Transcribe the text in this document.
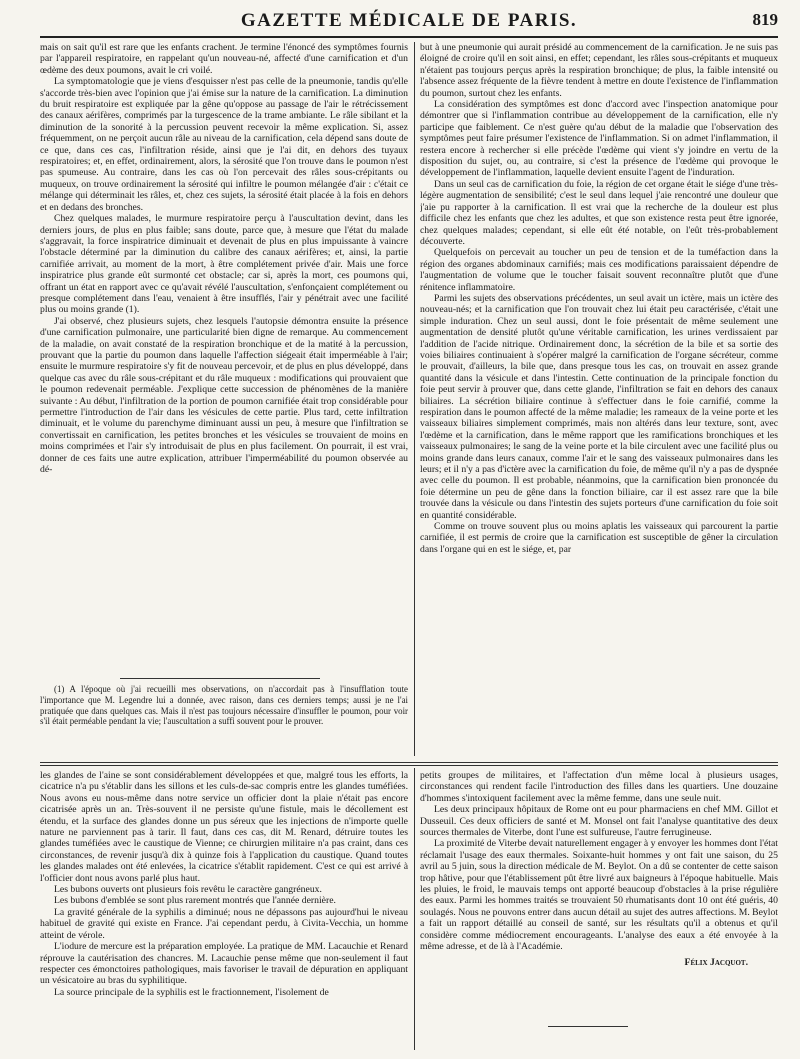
GAZETTE MÉDICALE DE PARIS.	819

mais on sait qu'il est rare que les enfants crachent. Je termine l'énoncé des symptômes fournis par l'appareil respiratoire, en rappelant qu'un nouveau-né, affecté d'une carnification et d'un œdème des deux poumons, avait le cri voilé.

La symptomatologie que je viens d'esquisser n'est pas celle de la pneumonie, tandis qu'elle s'accorde très-bien avec l'opinion que j'ai émise sur la nature de la carnification. La diminution du bruit respiratoire est expliquée par la gêne qu'oppose au passage de l'air le rétrécissement des canaux aérifères, comprimés par la turgescence de la trame ambiante. Le râle sibilant et la diminution de la sonorité à la percussion peuvent recevoir la même explication. Si, assez fréquemment, on ne perçoit aucun râle au niveau de la carnification, cela dépend sans doute de ce que, dans ces cas, l'infiltration réside, ainsi que je l'ai dit, en dehors des tuyaux respiratoires; et, en effet, ordinairement, alors, la sérosité que l'on trouve dans le poumon n'est pas spumeuse. Au contraire, dans les cas où l'on percevait des râles sous-crépitants ou muqueux, on trouve ordinairement la sérosité qui infiltre le poumon mélangée d'air : c'était ce mélange qui déterminait les râles, et, chez ces sujets, la sérosité était placée à la fois en dehors et en dedans des bronches.

Chez quelques malades, le murmure respiratoire perçu à l'auscultation devint, dans les derniers jours, de plus en plus faible; sans doute, parce que, à mesure que l'état du malade s'aggravait, la force inspiratrice diminuait et devenait de plus en plus impuissante à vaincre l'obstacle déterminé par la diminution du calibre des canaux aérifères; et, ainsi, la partie carnifiée arrivait, au moment de la mort, à être complétement privée d'air. Mais une force inspiratrice plus grande eût surmonté cet obstacle; car si, après la mort, ces poumons qui, offrant un état en rapport avec ce qu'avait révélé l'auscultation, s'enfonçaient complétement ou presque complétement dans l'eau, venaient à être insufflés, l'air y pénétrait avec une facilité plus ou moins grande (1).

J'ai observé, chez plusieurs sujets, chez lesquels l'autopsie démontra ensuite la présence d'une carnification pulmonaire, une particularité bien digne de remarque. Au commencement de la maladie, on avait constaté de la respiration bronchique et de la matité à la percussion, prouvant que la partie du poumon dans laquelle l'affection siégeait était imperméable à l'air; ensuite le murmure respiratoire s'y fit de nouveau percevoir, et de plus en plus développé, dans quelque cas avec du râle sous-crépitant et du râle muqueux : modifications qui prouvaient que le poumon redevenait perméable. J'explique cette succession de phénomènes de la manière suivante : Au début, l'infiltration de la portion de poumon carnifiée était trop considérable pour permettre l'introduction de l'air dans les vésicules de cette partie. Plus tard, cette infiltration diminuait, et le volume du parenchyme diminuant aussi un peu, à mesure que l'infiltration se convertissait en carnification, les petites bronches et les vésicules se trouvaient de moins en moins comprimées et l'air s'y introduisait de plus en plus facilement. On pourrait, il est vrai, donner de ces faits une autre explication, attribuer l'imperméabilité du poumon observée au dé-

(1) A l'époque où j'ai recueilli mes observations, on n'accordait pas à l'insufflation toute l'importance que M. Legendre lui a donnée, avec raison, dans ces derniers temps; aussi je ne l'ai pratiquée que dans quelques cas. Mais il n'est pas toujours nécessaire d'insuffler le poumon, pour voir s'il était perméable pendant la vie; l'auscultation a suffi souvent pour le prouver.

but à une pneumonie qui aurait présidé au commencement de la carnification. Je ne suis pas éloigné de croire qu'il en soit ainsi, en effet; cependant, les râles sous-crépitants et muqueux n'étaient pas toujours perçus après la respiration bronchique; de plus, la faible intensité ou l'absence assez fréquente de la fièvre tendent à mettre en doute l'existence de l'inflammation du poumon, surtout chez les enfants.

La considération des symptômes est donc d'accord avec l'inspection anatomique pour démontrer que si l'inflammation contribue au développement de la carnification, elle n'y participe que faiblement. Ce n'est guère qu'au début de la maladie que l'observation des symptômes peut faire présumer l'existence de l'inflammation. Si on admet l'inflammation, il restera encore à rechercher si elle précède l'œdème qui vient s'y joindre en vertu de la disposition du sujet, ou, au contraire, si c'est la présence de l'œdème qui provoque le développement de l'inflammation, laquelle devient ensuite l'agent de l'induration.

Dans un seul cas de carnification du foie, la région de cet organe était le siége d'une très-légère augmentation de sensibilité; c'est le seul dans lequel j'aie rencontré une douleur que j'aie pu rapporter à la carnification. Il est vrai que la recherche de la douleur est plus difficile chez les enfants que chez les adultes, et que son existence resta peut être ignorée, chez quelques malades; cependant, si elle eût été notable, on l'eût très-probablement découverte.

Quelquefois on percevait au toucher un peu de tension et de la tuméfaction dans la région des organes abdominaux carnifiés; mais ces modifications paraissaient dépendre de l'augmentation de volume que le toucher faisait souvent reconnaître plutôt que d'une rénitence inflammatoire.

Parmi les sujets des observations précédentes, un seul avait un ictère, mais un ictère des nouveau-nés; et la carnification que l'on trouvait chez lui était peu caractérisée, c'était une simple induration. Chez un seul aussi, dont le foie présentait de même seulement une augmentation de densité plutôt qu'une véritable carnification, les urines verdissaient par l'addition de l'acide nitrique. Ordinairement donc, la sécrétion de la bile et sa sortie des voies biliaires continuaient à s'opérer malgré la carnification de l'organe sécréteur, comme le prouvait, d'ailleurs, la bile que, dans presque tous les cas, on trouvait en assez grande quantité dans la vésicule et dans l'intestin. Cette continuation de la principale fonction du foie peut servir à prouver que, dans cette glande, l'infiltration se fait en dehors des canaux biliaires. La sécrétion biliaire continue à s'effectuer dans le foie carnifié, comme la respiration dans le poumon affecté de la même maladie; les rameaux de la veine porte et les vaisseaux biliaires simplement comprimés, mais non altérés dans leur texture, sont, avec l'œdème et la carnification, dans le même rapport que les ramifications bronchiques et les vaisseaux pulmonaires; le sang de la veine porte et la bile circulent avec une facilité plus ou moins grande dans leurs canaux, comme l'air et le sang des vaisseaux pulmonaires dans les leurs; et il n'y a pas d'ictère avec la carnification du foie, de même qu'il n'y a pas de dyspnée avec celle du poumon. Il est probable, néanmoins, que la carnification bien prononcée du foie détermine un peu de gêne dans la fonction biliaire, car il est assez rare que la bile trouvée dans la vésicule ou dans l'intestin des sujets porteurs d'une carnification du foie soit en quantité considérable.

Comme on trouve souvent plus ou moins aplatis les vaisseaux qui parcourent la partie carnifiée, il est permis de croire que la carnification est susceptible de gêner la circulation dans l'organe qui en est le siége, et, par

les glandes de l'aine se sont considérablement développées et que, malgré tous les efforts, la cicatrice n'a pu s'établir dans les sillons et les culs-de-sac compris entre les glandes tuméfiées. Nous avons eu nous-même dans notre service un officier dont la plaie n'était pas encore cicatrisée après un an. Très-souvent il ne persiste qu'une fistule, mais le décollement est étendu, et la surface des glandes donne un pus séreux que les injections de n'importe quelle nature ne parviennent pas à tarir. Il faut, dans ces cas, dit M. Renard, détruire toutes les glandes tuméfiées avec le caustique de Vienne; ce chirurgien militaire n'a pas craint, dans ces circonstances, de revenir jusqu'à dix à quinze fois à l'application du caustique. Quand toutes les glandes malades ont été enlevées, la cicatrice s'établit rapidement. C'est ce qui est arrivé à l'officier dont nous avons parlé plus haut.

Les bubons ouverts ont plusieurs fois revêtu le caractère gangréneux.

Les bubons d'emblée se sont plus rarement montrés que l'année dernière.

La gravité générale de la syphilis a diminué; nous ne dépassons pas aujourd'hui le niveau habituel de gravité qui existe en France. J'ai cependant perdu, à Civita-Vecchia, un homme atteint de vérole.

L'iodure de mercure est la préparation employée. La pratique de MM. Lacauchie et Renard réprouve la cautérisation des chancres. M. Lacauchie pense même que non-seulement il faut respecter ces émonctoires pathologiques, mais favoriser le travail de dépuration en appliquant un vésicatoire au bras du syphilitique.

La source principale de la syphilis est le fractionnement, l'isolement de

petits groupes de militaires, et l'affectation d'un même local à plusieurs usages, circonstances qui rendent facile l'introduction des filles dans les quartiers. Une douzaine d'hommes s'intoxiquent facilement avec la même femme, dans une seule nuit.

Les deux principaux hôpitaux de Rome ont eu pour pharmaciens en chef MM. Gillot et Dusseuil. Ces deux officiers de santé et M. Monsel ont fait l'analyse quantitative des deux sources thermales de Viterbe, dont l'une est sulfureuse, l'autre ferrugineuse.

La proximité de Viterbe devait naturellement engager à y envoyer les hommes dont l'état réclamait l'usage des eaux thermales. Soixante-huit hommes y ont fait une saison, du 25 avril au 5 juin, sous la direction médicale de M. Beylot. On a dû se contenter de cette saison trop hâtive, pour que l'établissement pût être livré aux baigneurs à l'époque habituelle. Mais les pluies, le froid, le mauvais temps ont apporté beaucoup d'obstacles à la prise régulière des eaux. Parmi les hommes traités se trouvaient 50 rhumatisants dont 10 ont été guéris, 40 soulagés. Nous ne pouvons entrer dans aucun détail au sujet des autres affections. M. Beylot a fait un rapport détaillé au conseil de santé, sur les résultats qu'il a obtenus et qu'il considère comme médiocrement encourageants. L'analyse des eaux a été envoyée à la même adresse, et de là à l'Académie.

Félix Jacquot.
